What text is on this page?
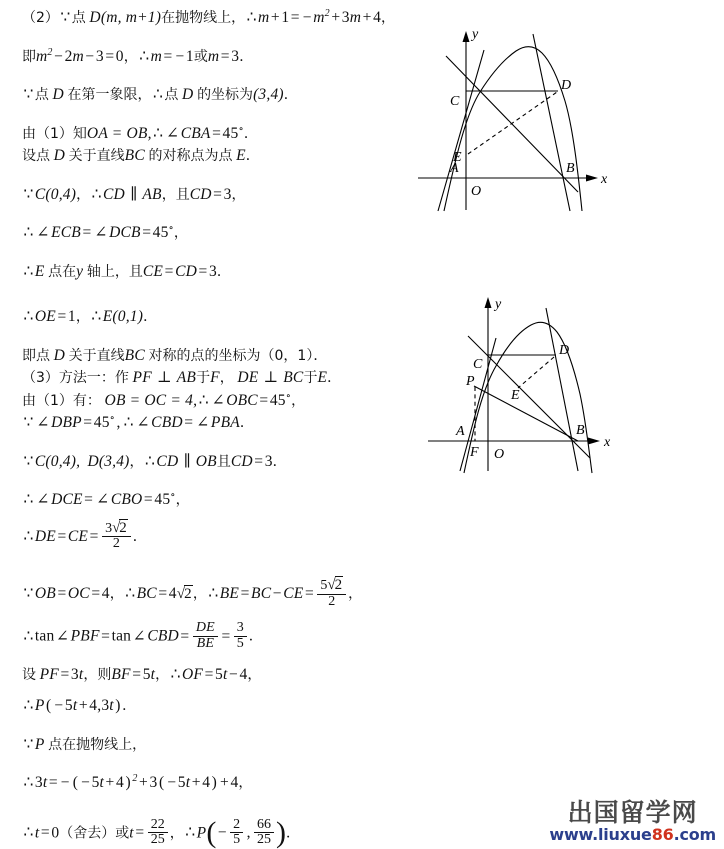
（2）∵ 点 D(m, m+1)在抛物线上，∴m+1= $-m^2+3m+4$，
即$m^2-2m-3=0$，∴m= −1或m=3．
∵ 点 D 在第一象限，∴ 点 D 的坐标为(3,4)．
由（1）知OA = OB,∴ ∠CBA=45∘．
设点 D 关于直线BC 的对称点为点 E．
∵C(0,4)，∴CD ∥ AB，且CD=3，
∴ ∠ECB= ∠DCB=45∘，
∴E 点在y 轴上，且CE=CD=3．
∴OE=1，∴E(0,1)．
即点 D 关于直线BC 对称的点的坐标为（0，1）．
（3）方法一：作 PF ⊥ AB于F， DE ⊥ BC于E．
由（1）有： OB = OC = 4,∴ ∠OBC=45∘，
∵ ∠DBP=45∘, ∴ ∠CBD= ∠PBA．
∵C(0,4), D(3,4)，∴CD ∥ OB且CD=3．
∴ ∠DCE= ∠CBO=45∘，
∴DE=CE= $\frac{3√2}{2}$ ．
∵OB=OC=4，∴BC=4√2，∴BE=BC−CE= $\frac{5√2}{2}$ ，
∴tan∠PBF=tan∠CBD= $\frac{DE}{BE} = \frac{3}{5}$ ．
设 PF=3t，则BF=5t，∴OF=5t−4，
∴P( −5t+4,3t) ．
∵P 点在抛物线上，
∴3t= − ( −5t+4) $^2$+3( −5t+4) +4，
∴t=0（舍去）或$t= \frac{22}{25}$ ，∴P(− $\frac{2}{5}$ , $\frac{66}{25}$ )．
y
x
O
A	B
C
D
E
y
x
O
A	B
C
D
E
F
P
出国留学网
www.liuxue86.com
